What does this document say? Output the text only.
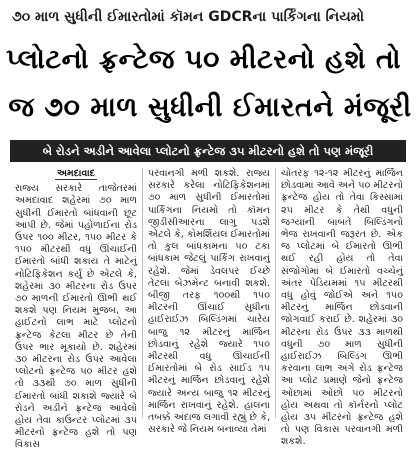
૭૦ માળ સુધીની ઈમારતોમાં કૉમન GDCRના પાર્કિંગના નિયમો
પ્લોટનો ફ્રન્ટેજ ૫૦ મીટરનો હશે તો
જ ૭૦ માળ સુધીની ઈમારતને મંજૂરી
બે રોડને અડીને આવેલા પ્લોટનો ફ્રન્ટેજ ૩૫ મીટરનો હશે તો પણ મંજૂરી
અમદાવાદ
રાજ્ય સરકારે તાજેતરમાં અમદાવાદ શહેરમાં ૭૦ માળ સુધીની ઈમારતો બાંધવાની છૂટ આપી છે. જેમાં પહોળાઈના રોડ ઉપર ૧૦૦ મીટર, ૧૫૦ મીટર કે ૧૫૦ મીટરથી વધુ ઊંચાઈની ઈમારતો બાંધી શકાય તે માટેનું નોટિફિકેશન કર્યું છે એટલે કે, શહેરમાં ૩૦ મીટરના રોડ ઉપર ૭૦ માળની ઈમારતો ઊભી થઈ શકશે પણ નિયમ મુજબ, આ હાઈટનો લાભ માટે પ્લોટનો ફ્રન્ટેજ કેટલા મીટર છે તેની ઉપર ભાર મૂકાયો છે. શહેરમાં ૩૦ મીટરના રોડ ઉપર આવેલા પ્લોટનો ફ્રન્ટેજ ૫૦ મીટર હશે તો ૩૩થી ૭૦ માળ સુધીની ઈમારતો બાંધી શકાશે જ્યારે બે રોડને અડીને ફ્રન્ટેજ આવેલો હોય તેવા કાઉન્ટર પ્લોટમાં ૩૫ મીટરનો ફ્રન્ટેજ હશે તો પણ વિકાસ
પરવાનગી મળી શકશે. રાજ્ય સરકારે કરેલા નોટિફિકેશનમાં ૭૦ માળ સુધીની ઈમારતોમાં પાર્કિંગના નિયમો તો કૉમન જીડીસીઆરના લાગુ પડશે એટલે કે, કોમર્શિયલ ઈમારતોમાં તો કુલ બાંધકામના ૫૦ ટકા બાંધકામ જેટલું પાર્કિંગ રાખવાનું રહેશે. જેમાં ડેવલપર ઈચ્છે તેટલા બેઝમેન્ટ બનાવી શકશે. બીજી તરફ ૧૦૦થી ૧૫૦ મીટરની ઊંચાઈ સુધીના હાઈરાઈઝ બિલ્ડિંગમાં ચારેય બાજુ ૧૨ મીટરનું માર્જિન છોડવાનું રહેશે જ્યારે ૧૫૦ મીટરથી વધુ ઊંચાઈની ઈમારતોમાં બે રોડ સાઈડ ૧૫ મીટરનું માર્જિન છોડવાનું રહેશે જ્યારે અન્ય બાજુ ૧૨ મીટરનું માર્જિન રાખવાનું રહેશે. હાલના તબક્કે અંદાજ લગાવી રહ્યું છે કે, સરકારે જે નિયમ બનાવ્યા તેમાં
ચોતરફ ૧૨-૧૨ મીટરનું માર્જિન છોડવામાં આવે અને ૫૦ મીટરનો ફ્રન્ટેજ હોય તો તેવા કિસ્સામાં ૨૫ મીટર કે તેથી વધુની જગ્યાની બાબતે બિલ્ડિંગનો ભેજ રાખવાની જરૂરત છે. એક જ પ્લોટમાં બે ઈમારતો ઊભી થઈ રહી હોય તો તેવા સંજોગોમાં બે ઈમારતો વચ્ચેનું અંતર પેડિયમમાં ૧૫ મીટરથી વધુ હોવું જોઈએ અને ૧૫૦ મીટરનું માર્જિન છોડવાની જોગવાઈ કરાઈ છે. શહેરમાં ૩૦ મીટરના રોડ ઉપર ૩૩ માળથી વધુની ૭૦ માળ સુધીની હાઈરાઈઝ બિલ્ડિંગ ઊભી કરવાના લાભ અંગે રોડ ફ્રન્ટેજ આ પ્લોટ પ્રમાણે જેનો ફ્રન્ટેજ ઓછામાં ઓછો ૫૦ મીટરનો હોય અથવા તો કૉર્નરનો પ્લોટ હોય ૩૫ મીટરનો ફ્રન્ટેજ હશે તો પણ વિકાસ પરવાનગી મળી શકશે.
